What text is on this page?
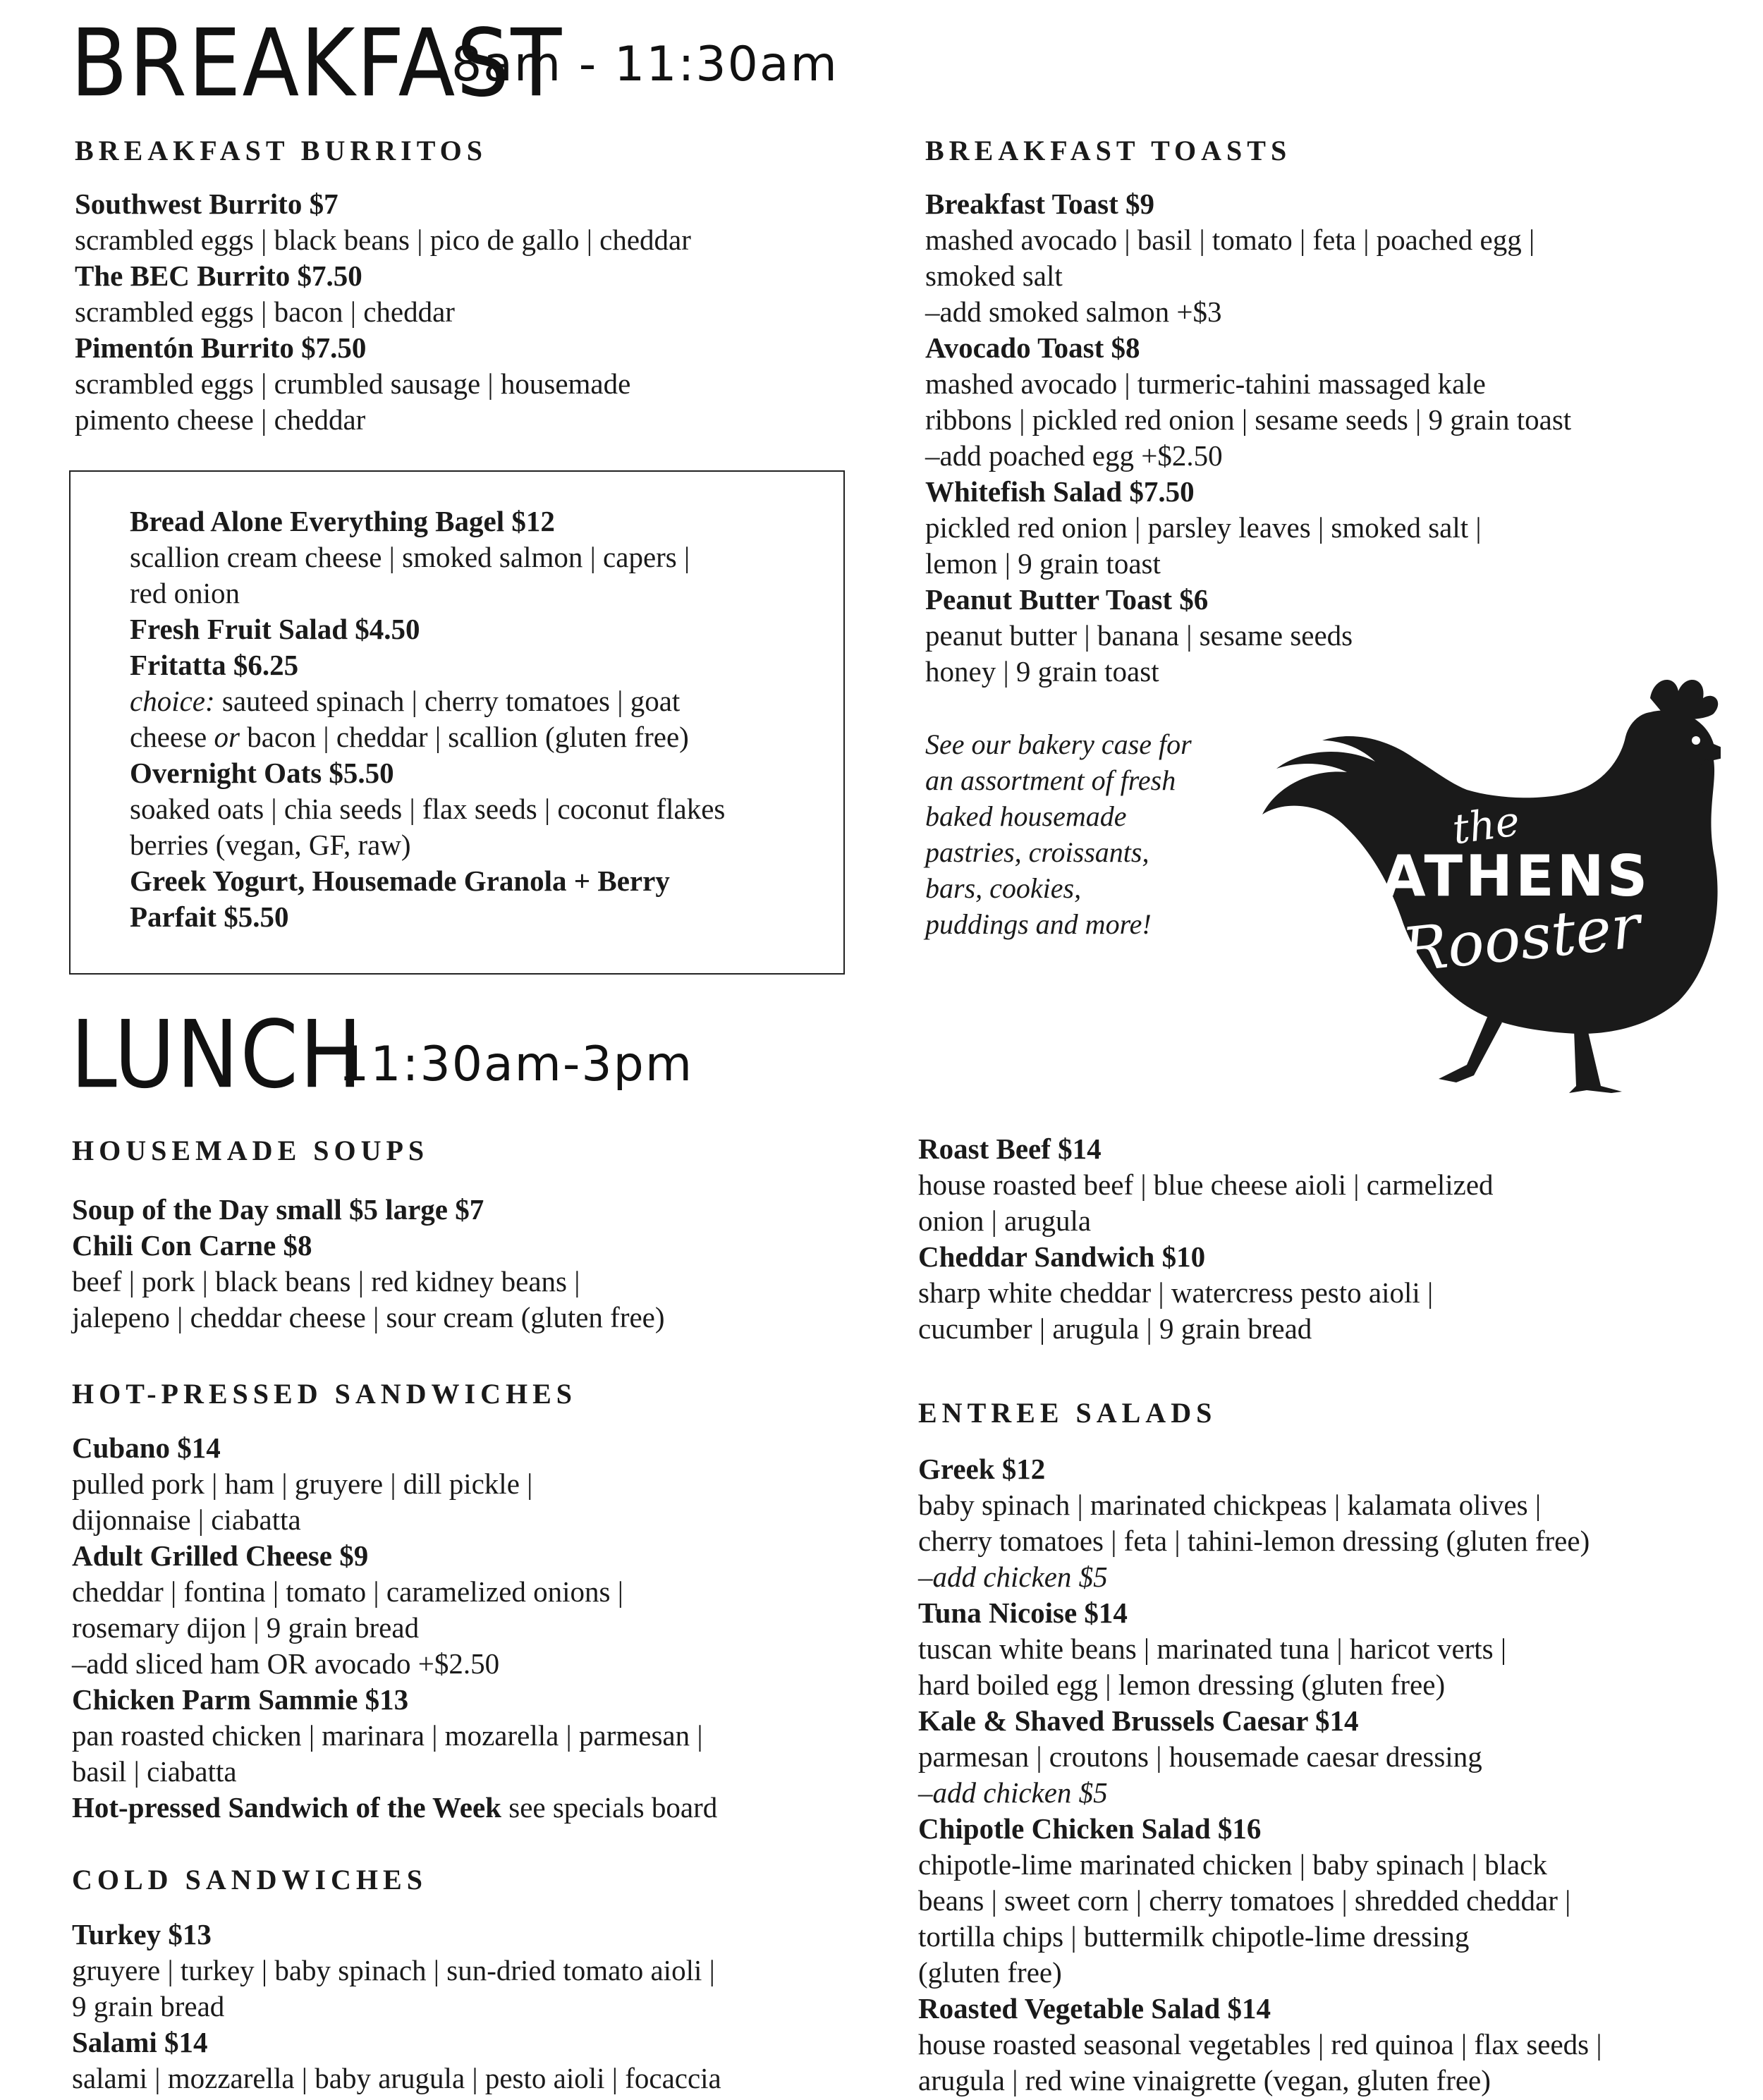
BREAKFAST
8am - 11:30am
BREAKFAST BURRITOS
Southwest Burrito $7
scrambled eggs | black beans | pico de gallo | cheddar
The BEC Burrito $7.50
scrambled eggs | bacon | cheddar
Pimentón Burrito $7.50
scrambled eggs | crumbled sausage | housemade
pimento cheese | cheddar
Bread Alone Everything Bagel $12
scallion cream cheese | smoked salmon | capers |
red onion
Fresh Fruit Salad $4.50
Fritatta $6.25
choice: sauteed spinach | cherry tomatoes | goat
cheese or bacon | cheddar | scallion (gluten free)
Overnight Oats $5.50
soaked oats | chia seeds | flax seeds | coconut flakes
berries (vegan, GF, raw)
Greek Yogurt, Housemade Granola + Berry
Parfait $5.50
BREAKFAST TOASTS
Breakfast Toast $9
mashed avocado | basil | tomato | feta | poached egg |
smoked salt
–add smoked salmon +$3
Avocado Toast $8
mashed avocado | turmeric-tahini massaged kale
ribbons | pickled red onion | sesame seeds | 9 grain toast
–add poached egg +$2.50
Whitefish Salad $7.50
pickled red onion | parsley leaves | smoked salt |
lemon | 9 grain toast
Peanut Butter Toast $6
peanut butter | banana | sesame seeds
honey | 9 grain toast
See our bakery case for
an assortment of fresh
baked housemade
pastries, croissants,
bars, cookies,
puddings and more!
the
ATHENS
Rooster
LUNCH
11:30am-3pm
HOUSEMADE SOUPS
Soup of the Day small $5 large $7
Chili Con Carne $8
beef | pork | black beans | red kidney beans |
jalepeno | cheddar cheese | sour cream (gluten free)
HOT-PRESSED SANDWICHES
Cubano $14
pulled pork | ham | gruyere | dill pickle |
dijonnaise | ciabatta
Adult Grilled Cheese $9
cheddar | fontina | tomato | caramelized onions |
rosemary dijon | 9 grain bread
–add sliced ham OR avocado +$2.50
Chicken Parm Sammie $13
pan roasted chicken | marinara | mozarella | parmesan |
basil | ciabatta
Hot-pressed Sandwich of the Week see specials board
COLD SANDWICHES
Turkey $13
gruyere | turkey | baby spinach | sun-dried tomato aioli |
9 grain bread
Salami $14
salami | mozzarella | baby arugula | pesto aioli | focaccia
Roast Beef $14
house roasted beef | blue cheese aioli | carmelized
onion | arugula
Cheddar Sandwich $10
sharp white cheddar | watercress pesto aioli |
cucumber | arugula | 9 grain bread
ENTREE SALADS
Greek $12
baby spinach | marinated chickpeas | kalamata olives |
cherry tomatoes | feta | tahini-lemon dressing (gluten free)
–add chicken $5
Tuna Nicoise $14
tuscan white beans | marinated tuna | haricot verts |
hard boiled egg | lemon dressing (gluten free)
Kale & Shaved Brussels Caesar $14
parmesan | croutons | housemade caesar dressing
–add chicken $5
Chipotle Chicken Salad $16
chipotle-lime marinated chicken | baby spinach | black
beans | sweet corn | cherry tomatoes | shredded cheddar |
tortilla chips | buttermilk chipotle-lime dressing
(gluten free)
Roasted Vegetable Salad $14
house roasted seasonal vegetables | red quinoa | flax seeds |
arugula | red wine vinaigrette (vegan, gluten free)
